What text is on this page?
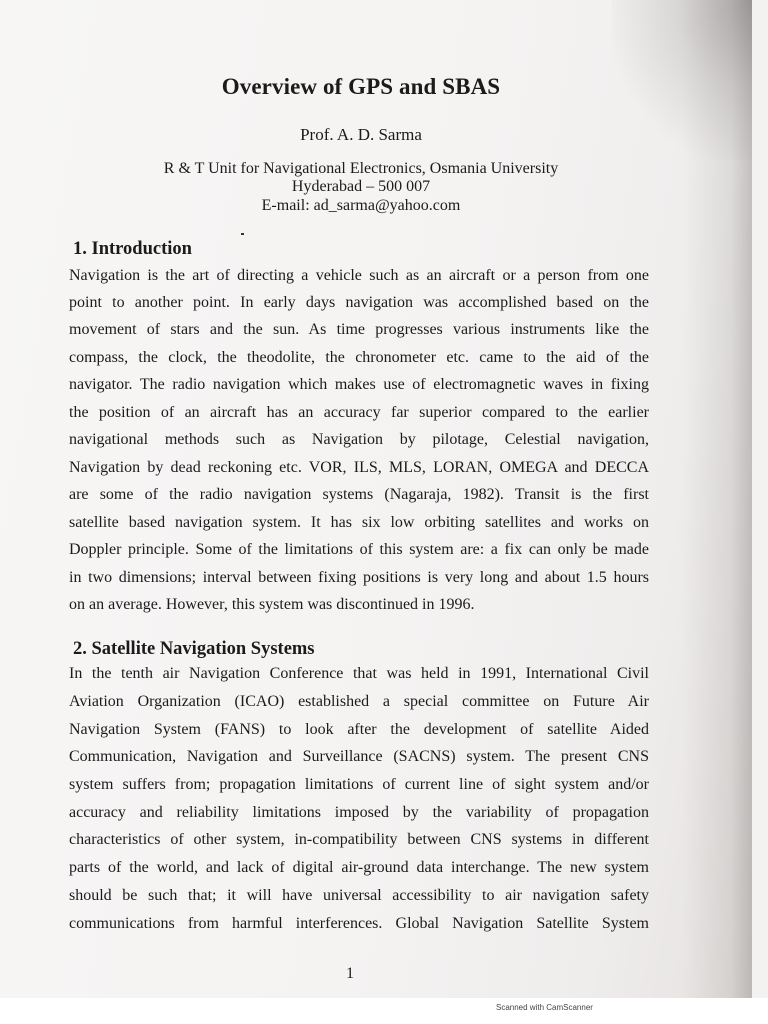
Overview of GPS and SBAS
Prof. A. D. Sarma
R & T Unit for Navigational Electronics, Osmania University
Hyderabad – 500 007
E-mail: ad_sarma@yahoo.com
1. Introduction
Navigation is the art of directing a vehicle such as an aircraft or a person from one
point to another point. In early days navigation was accomplished based on the
movement of stars and the sun. As time progresses various instruments like the
compass, the clock, the theodolite, the chronometer etc. came to the aid of the
navigator. The radio navigation which makes use of electromagnetic waves in fixing
the position of an aircraft has an accuracy far superior compared to the earlier
navigational methods such as Navigation by pilotage, Celestial navigation,
Navigation by dead reckoning etc. VOR, ILS, MLS, LORAN, OMEGA and DECCA
are some of the radio navigation systems (Nagaraja, 1982). Transit is the first
satellite based navigation system. It has six low orbiting satellites and works on
Doppler principle. Some of the limitations of this system are: a fix can only be made
in two dimensions; interval between fixing positions is very long and about 1.5 hours
on an average. However, this system was discontinued in 1996.
2. Satellite Navigation Systems
In the tenth air Navigation Conference that was held in 1991, International Civil
Aviation Organization (ICAO) established a special committee on Future Air
Navigation System (FANS) to look after the development of satellite Aided
Communication, Navigation and Surveillance (SACNS) system. The present CNS
system suffers from; propagation limitations of current line of sight system and/or
accuracy and reliability limitations imposed by the variability of propagation
characteristics of other system, in-compatibility between CNS systems in different
parts of the world, and lack of digital air-ground data interchange. The new system
should be such that; it will have universal accessibility to air navigation safety
communications from harmful interferences. Global Navigation Satellite System
1
Scanned with CamScanner
